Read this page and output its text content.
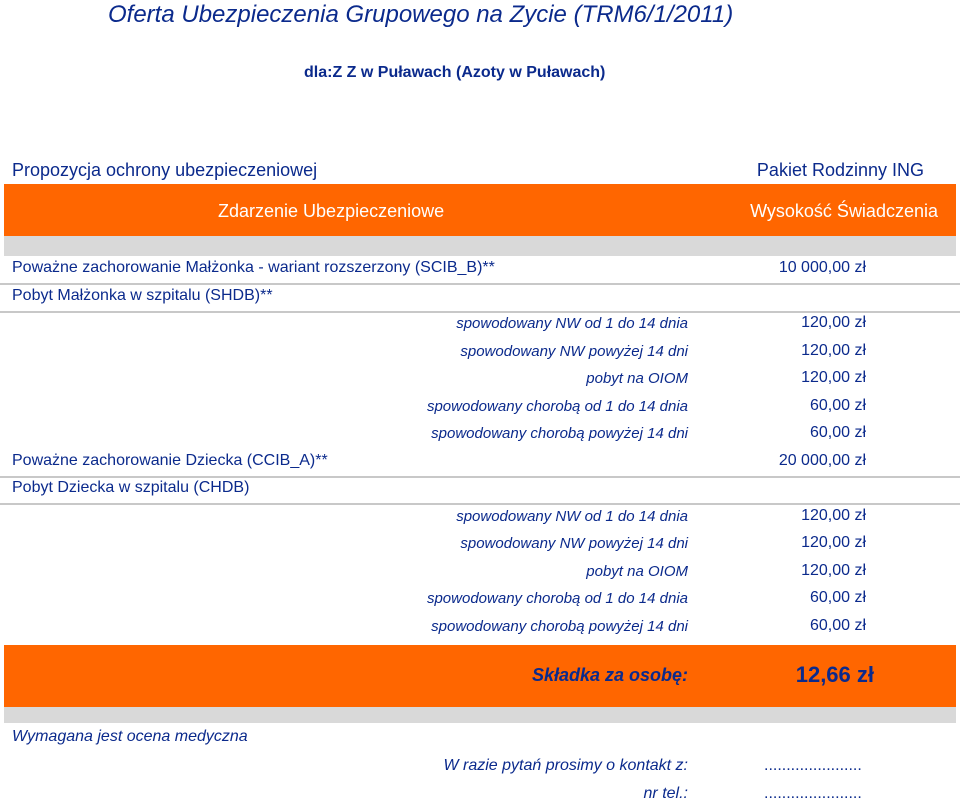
Oferta Ubezpieczenia Grupowego na Zycie (TRM6/1/2011)
dla:Z Z w Puławach (Azoty w Puławach)
Propozycja ochrony ubezpieczeniowej	Pakiet Rodzinny ING
Zdarzenie Ubezpieczeniowe	Wysokość Świadczenia
Poważne zachorowanie Małżonka - wariant rozszerzony (SCIB_B)**	10 000,00 zł
Pobyt Małżonka w szpitalu (SHDB)**
spowodowany NW od 1 do 14 dnia	120,00 zł
spowodowany NW powyżej 14 dni	120,00 zł
pobyt na OIOM	120,00 zł
spowodowany chorobą od 1 do 14 dnia	60,00 zł
spowodowany chorobą powyżej 14 dni	60,00 zł
Poważne zachorowanie Dziecka (CCIB_A)**	20 000,00 zł
Pobyt Dziecka w szpitalu (CHDB)
spowodowany NW od 1 do 14 dnia	120,00 zł
spowodowany NW powyżej 14 dni	120,00 zł
pobyt na OIOM	120,00 zł
spowodowany chorobą od 1 do 14 dnia	60,00 zł
spowodowany chorobą powyżej 14 dni	60,00 zł
Składka za osobę:	12,66 zł
Wymagana jest ocena medyczna
W razie pytań prosimy o kontakt z:	......................
nr tel.:	......................
